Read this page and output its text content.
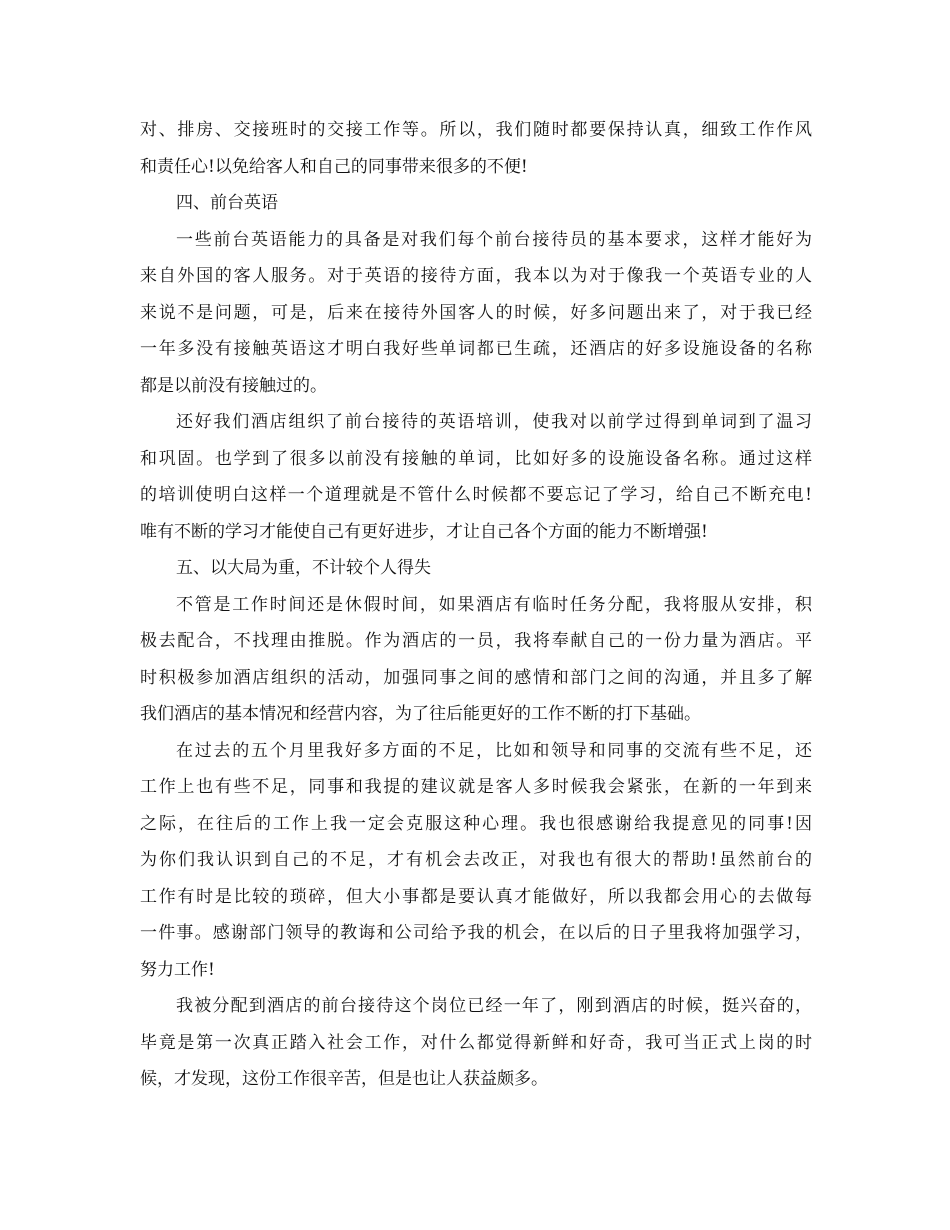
对、排房、交接班时的交接工作等。所以，我们随时都要保持认真，细致工作作风
和责任心!以免给客人和自己的同事带来很多的不便!
四、前台英语
一些前台英语能力的具备是对我们每个前台接待员的基本要求，这样才能好为
来自外国的客人服务。对于英语的接待方面，我本以为对于像我一个英语专业的人
来说不是问题，可是，后来在接待外国客人的时候，好多问题出来了，对于我已经
一年多没有接触英语这才明白我好些单词都已生疏，还酒店的好多设施设备的名称
都是以前没有接触过的。
还好我们酒店组织了前台接待的英语培训，使我对以前学过得到单词到了温习
和巩固。也学到了很多以前没有接触的单词，比如好多的设施设备名称。通过这样
的培训使明白这样一个道理就是不管什么时候都不要忘记了学习，给自己不断充电!
唯有不断的学习才能使自己有更好进步，才让自己各个方面的能力不断增强!
五、以大局为重，不计较个人得失
不管是工作时间还是休假时间，如果酒店有临时任务分配，我将服从安排，积
极去配合，不找理由推脱。作为酒店的一员，我将奉献自己的一份力量为酒店。平
时积极参加酒店组织的活动，加强同事之间的感情和部门之间的沟通，并且多了解
我们酒店的基本情况和经营内容，为了往后能更好的工作不断的打下基础。
在过去的五个月里我好多方面的不足，比如和领导和同事的交流有些不足，还
工作上也有些不足，同事和我提的建议就是客人多时候我会紧张，在新的一年到来
之际，在往后的工作上我一定会克服这种心理。我也很感谢给我提意见的同事!因
为你们我认识到自己的不足，才有机会去改正，对我也有很大的帮助!虽然前台的
工作有时是比较的琐碎，但大小事都是要认真才能做好，所以我都会用心的去做每
一件事。感谢部门领导的教诲和公司给予我的机会，在以后的日子里我将加强学习，
努力工作!
我被分配到酒店的前台接待这个岗位已经一年了，刚到酒店的时候，挺兴奋的，
毕竟是第一次真正踏入社会工作，对什么都觉得新鲜和好奇，我可当正式上岗的时
候，才发现，这份工作很辛苦，但是也让人获益颇多。
